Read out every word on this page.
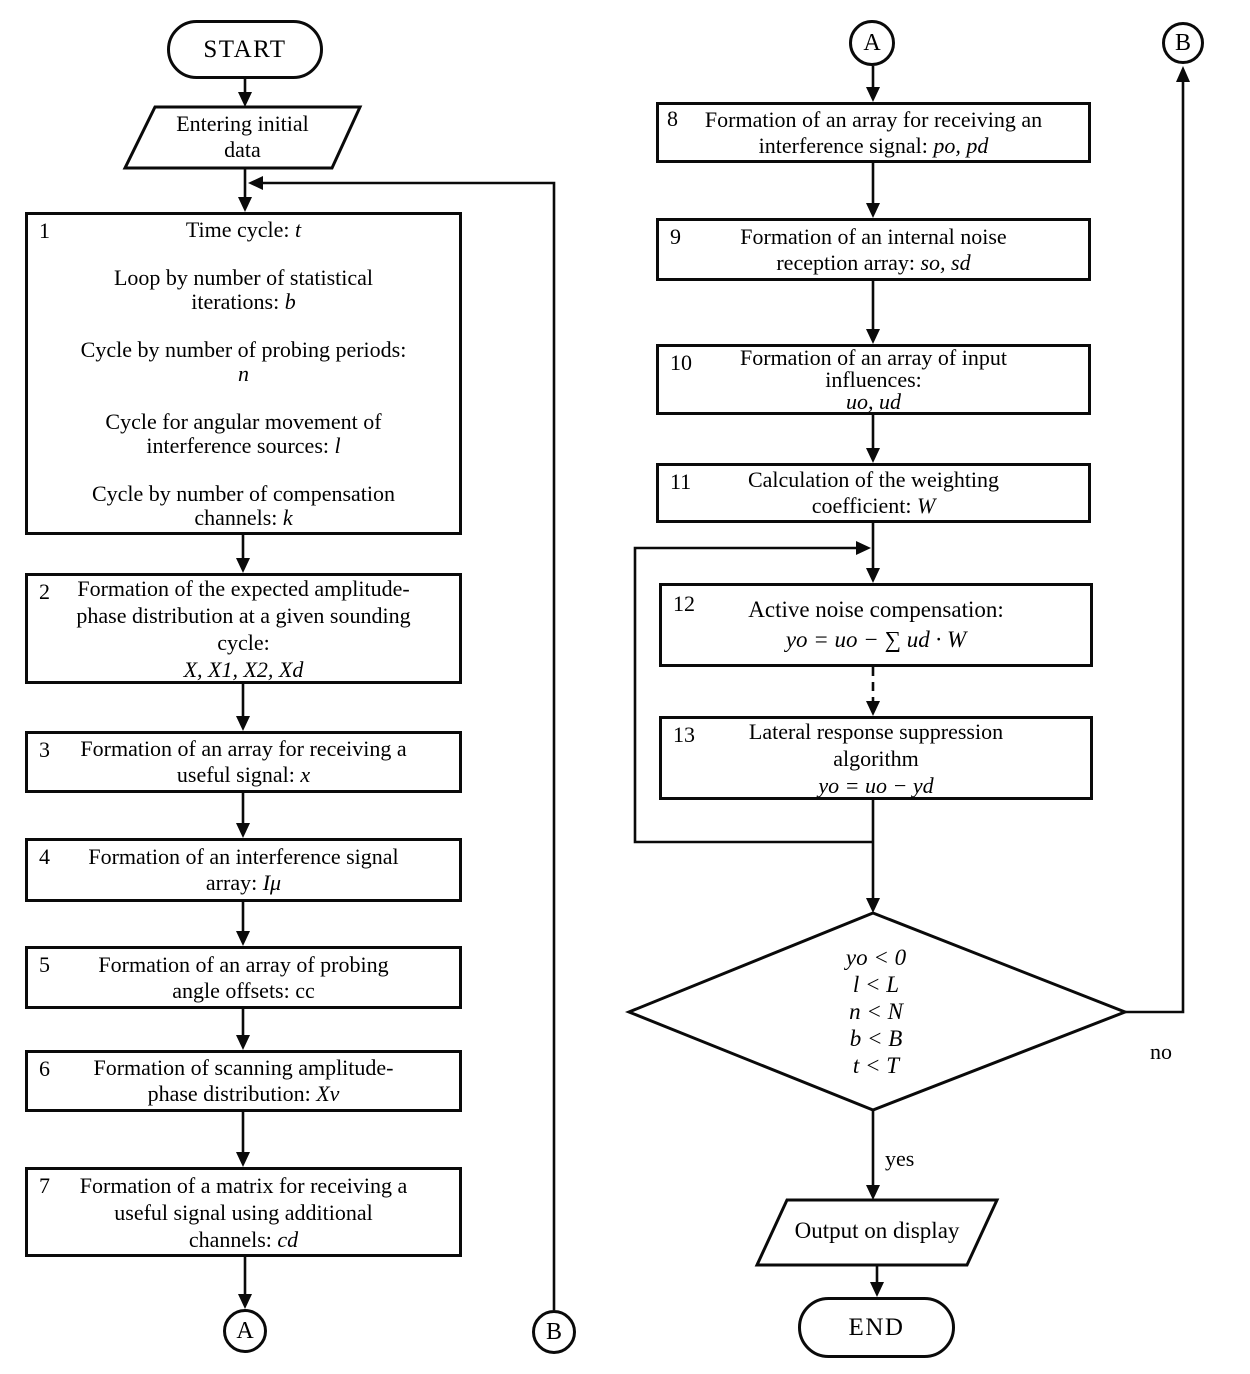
START
END
A	B
A	B
Entering initial
data
Output on display
1	Time cycle: t

Loop by number of statistical
iterations: b

Cycle by number of probing periods:
n

Cycle for angular movement of
interference sources: l

Cycle by number of compensation
channels: k
2	Formation of the expected amplitude-
phase distribution at a given sounding
cycle:
X, X1, X2, Xd
3	Formation of an array for receiving a
useful signal: x
4	Formation of an interference signal
array: Iμ
5	Formation of an array of probing
angle offsets: cc
6	Formation of scanning amplitude-
phase distribution: Xv
7	Formation of a matrix for receiving a
useful signal using additional
channels: cd
8	Formation of an array for receiving an
interference signal: po, pd
9	Formation of an internal noise
reception array: so, sd
10	Formation of an array of input
influences:
uo, ud
11	Calculation of the weighting
coefficient: W
12	Active noise compensation:
yo = uo − ∑ ud · W
13	Lateral response suppression
algorithm
yo = uo − yd
yo < 0
l < L
n < N
b < B
t < T
no
yes
